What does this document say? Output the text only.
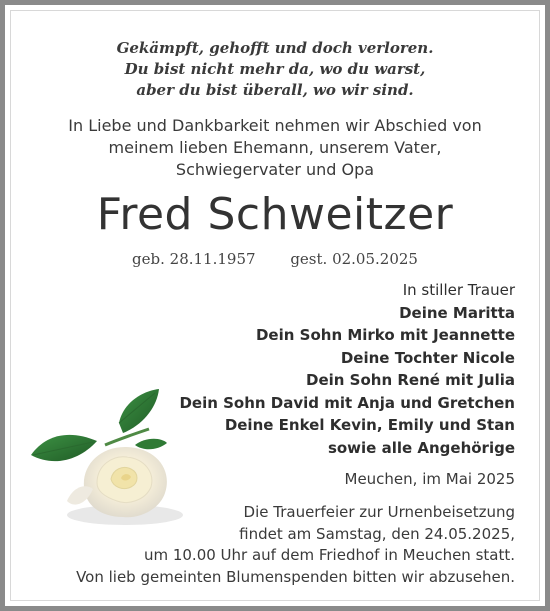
Gekämpft, gehofft und doch verloren.
Du bist nicht mehr da, wo du warst,
aber du bist überall, wo wir sind.
In Liebe und Dankbarkeit nehmen wir Abschied von
meinem lieben Ehemann, unserem Vater,
Schwiegervater und Opa
Fred Schweitzer
geb. 28.11.1957 gest. 02.05.2025
In stiller Trauer
Deine Maritta
Dein Sohn Mirko mit Jeannette
Deine Tochter Nicole
Dein Sohn René mit Julia
Dein Sohn David mit Anja und Gretchen
Deine Enkel Kevin, Emily und Stan
sowie alle Angehörige
Meuchen, im Mai 2025
Die Trauerfeier zur Urnenbeisetzung
findet am Samstag, den 24.05.2025,
um 10.00 Uhr auf dem Friedhof in Meuchen statt.
Von lieb gemeinten Blumenspenden bitten wir abzusehen.
